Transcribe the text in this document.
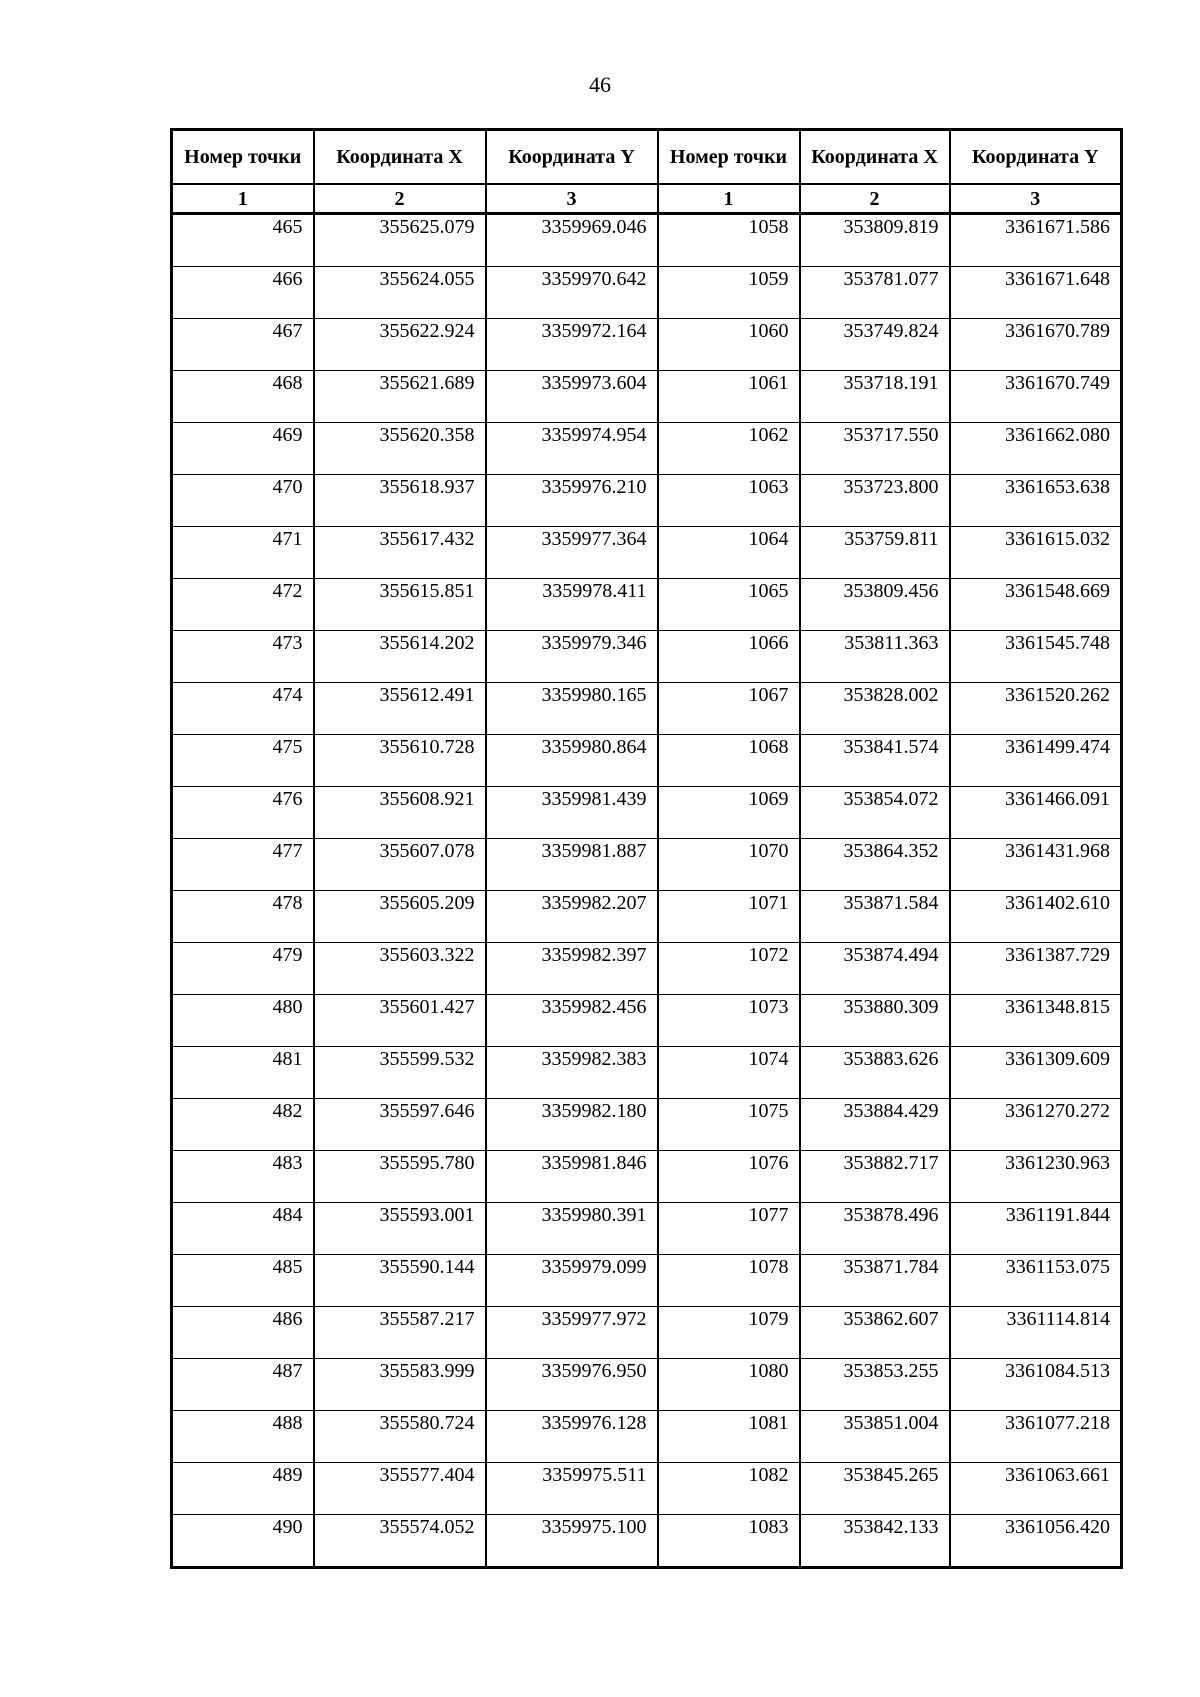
46
Номер точки	Координата X	Координата Y	Номер точки	Координата X	Координата Y
1	2	3	1	2	3
465	355625.079	3359969.046	1058	353809.819	3361671.586
466	355624.055	3359970.642	1059	353781.077	3361671.648
467	355622.924	3359972.164	1060	353749.824	3361670.789
468	355621.689	3359973.604	1061	353718.191	3361670.749
469	355620.358	3359974.954	1062	353717.550	3361662.080
470	355618.937	3359976.210	1063	353723.800	3361653.638
471	355617.432	3359977.364	1064	353759.811	3361615.032
472	355615.851	3359978.411	1065	353809.456	3361548.669
473	355614.202	3359979.346	1066	353811.363	3361545.748
474	355612.491	3359980.165	1067	353828.002	3361520.262
475	355610.728	3359980.864	1068	353841.574	3361499.474
476	355608.921	3359981.439	1069	353854.072	3361466.091
477	355607.078	3359981.887	1070	353864.352	3361431.968
478	355605.209	3359982.207	1071	353871.584	3361402.610
479	355603.322	3359982.397	1072	353874.494	3361387.729
480	355601.427	3359982.456	1073	353880.309	3361348.815
481	355599.532	3359982.383	1074	353883.626	3361309.609
482	355597.646	3359982.180	1075	353884.429	3361270.272
483	355595.780	3359981.846	1076	353882.717	3361230.963
484	355593.001	3359980.391	1077	353878.496	3361191.844
485	355590.144	3359979.099	1078	353871.784	3361153.075
486	355587.217	3359977.972	1079	353862.607	3361114.814
487	355583.999	3359976.950	1080	353853.255	3361084.513
488	355580.724	3359976.128	1081	353851.004	3361077.218
489	355577.404	3359975.511	1082	353845.265	3361063.661
490	355574.052	3359975.100	1083	353842.133	3361056.420
